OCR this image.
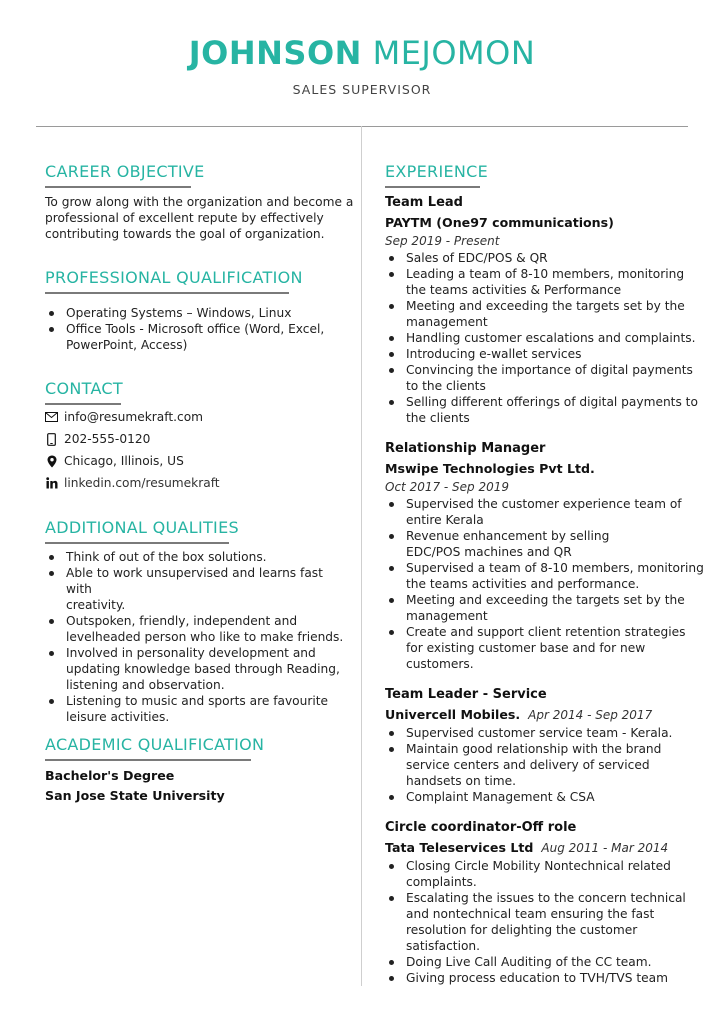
JOHNSON MEJOMON
SALES SUPERVISOR
CAREER OBJECTIVE
To grow along with the organization and become a
professional of excellent repute by effectively
contributing towards the goal of organization.
PROFESSIONAL QUALIFICATION
Operating Systems – Windows, Linux
Office Tools - Microsoft office (Word, Excel,
PowerPoint, Access)
CONTACT
info@resumekraft.com
202-555-0120
Chicago, Illinois, US
linkedin.com/resumekraft
ADDITIONAL QUALITIES
Think of out of the box solutions.
Able to work unsupervised and learns fast with
creativity.
Outspoken, friendly, independent and
levelheaded person who like to make friends.
Involved in personality development and
updating knowledge based through Reading,
listening and observation.
Listening to music and sports are favourite
leisure activities.
ACADEMIC QUALIFICATION
Bachelor's Degree
San Jose State University
EXPERIENCE
Team Lead
Sep 2019 - Present
PAYTM (One97 communications)
Sales of EDC/POS & QR
Leading a team of 8-10 members, monitoring
the teams activities & Performance
Meeting and exceeding the targets set by the
management
Handling customer escalations and complaints.
Introducing e-wallet services
Convincing the importance of digital payments
to the clients
Selling different offerings of digital payments to
the clients
Relationship Manager
Oct 2017 - Sep 2019
Mswipe Technologies Pvt Ltd.
Supervised the customer experience team of
entire Kerala
Revenue enhancement by selling
EDC/POS machines and QR
Supervised a team of 8-10 members, monitoring
the teams activities and performance.
Meeting and exceeding the targets set by the
management
Create and support client retention strategies
for existing customer base and for new
customers.
Team Leader - Service
Univercell Mobiles. Apr 2014 - Sep 2017
Supervised customer service team - Kerala.
Maintain good relationship with the brand
service centers and delivery of serviced
handsets on time.
Complaint Management & CSA
Circle coordinator-Off role
Tata Teleservices Ltd Aug 2011 - Mar 2014
Closing Circle Mobility Nontechnical related
complaints.
Escalating the issues to the concern technical
and nontechnical team ensuring the fast
resolution for delighting the customer
satisfaction.
Doing Live Call Auditing of the CC team.
Giving process education to TVH/TVS team
